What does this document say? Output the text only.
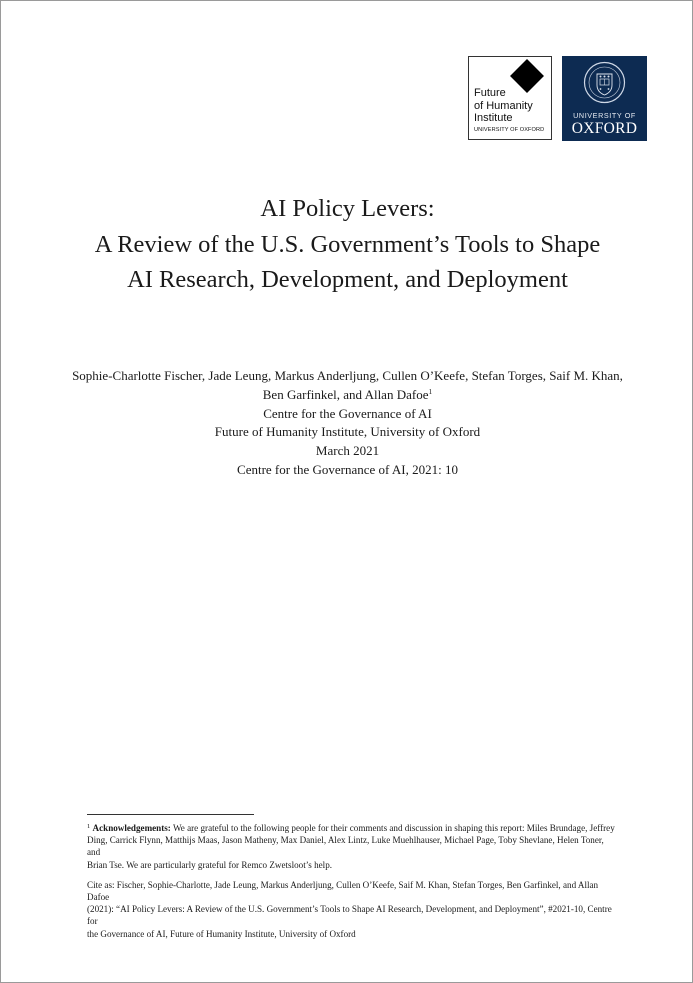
Future
of Humanity
Institute
UNIVERSITY OF OXFORD
UNIVERSITY OF
OXFORD
AI Policy Levers:
A Review of the U.S. Government’s Tools to Shape
AI Research, Development, and Deployment
Sophie-Charlotte Fischer, Jade Leung, Markus Anderljung, Cullen O’Keefe, Stefan Torges, Saif M. Khan,
Ben Garfinkel, and Allan Dafoe$^1$
Centre for the Governance of AI
Future of Humanity Institute, University of Oxford
March 2021
Centre for the Governance of AI, 2021: 10

$^1$ Acknowledgements: We are grateful to the following people for their comments and discussion in shaping this report: Miles Brundage, Jeffrey
Ding, Carrick Flynn, Matthijs Maas, Jason Matheny, Max Daniel, Alex Lintz, Luke Muehlhauser, Michael Page, Toby Shevlane, Helen Toner, and
Brian Tse. We are particularly grateful for Remco Zwetsloot’s help.

Cite as: Fischer, Sophie-Charlotte, Jade Leung, Markus Anderljung, Cullen O’Keefe, Saif M. Khan, Stefan Torges, Ben Garfinkel, and Allan Dafoe
(2021): “AI Policy Levers: A Review of the U.S. Government’s Tools to Shape AI Research, Development, and Deployment”, #2021-10, Centre for
the Governance of AI, Future of Humanity Institute, University of Oxford
